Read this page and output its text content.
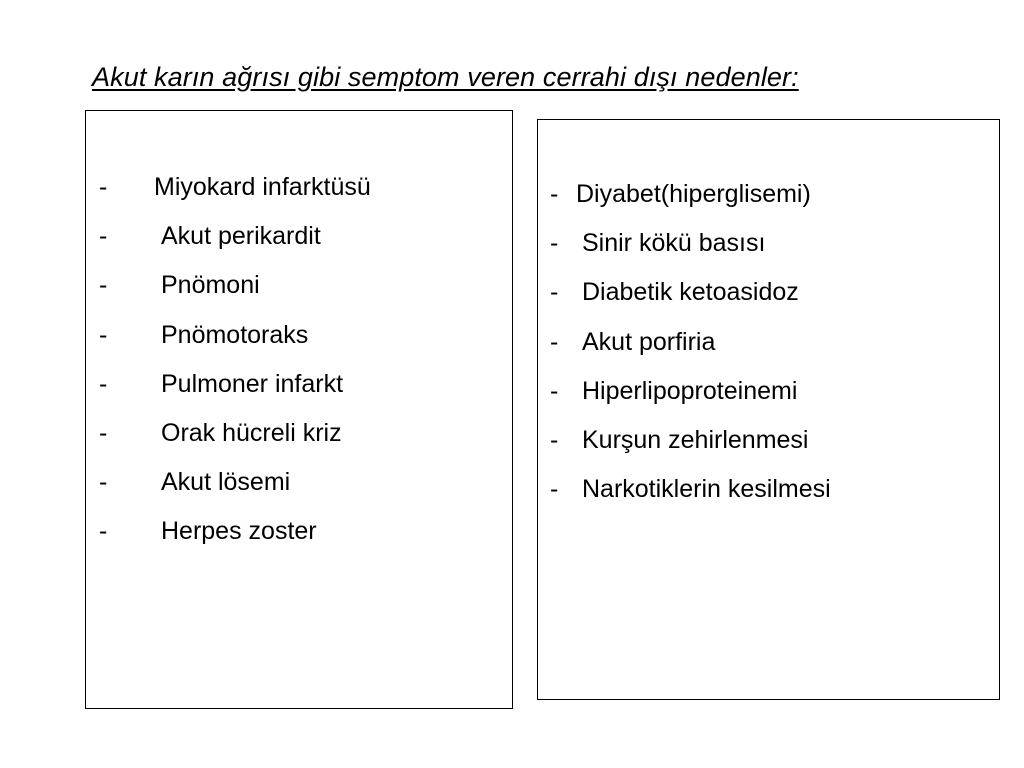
Akut karın ağrısı gibi semptom veren cerrahi dışı nedenler:
- Miyokard infarktüsü
- Akut perikardit
- Pnömoni
- Pnömotoraks
- Pulmoner infarkt
- Orak hücreli kriz
- Akut lösemi
- Herpes zoster
- Diyabet(hiperglisemi)
- Sinir kökü basısı
- Diabetik ketoasidoz
- Akut porfiria
- Hiperlipoproteinemi
- Kurşun zehirlenmesi
- Narkotiklerin kesilmesi
